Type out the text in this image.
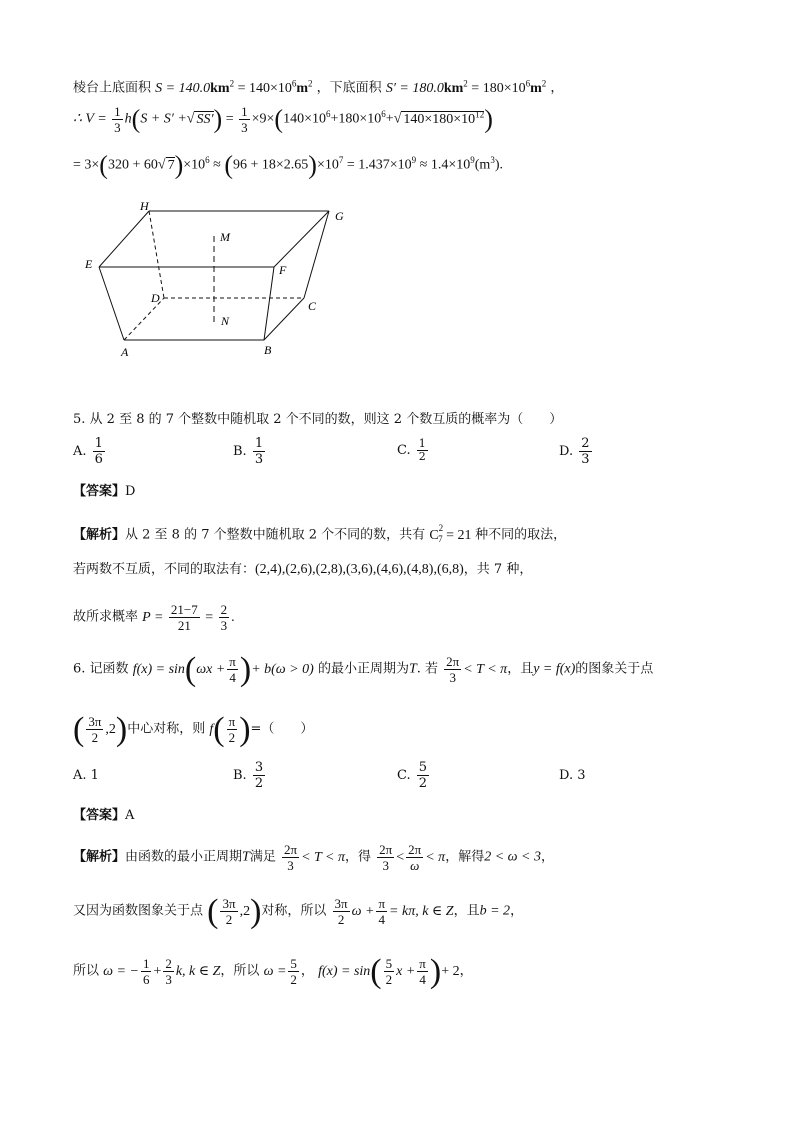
棱台上底面积 $S = 140.0km^2 = 140\times 10^6m^2$ ，下底面积 $S' = 180.0km^2 = 180\times 10^6m^2$ ，
∴ $V = \frac{1}{3} h(S + S'$ +√ $SS') = \frac{1}{3} \times 9\times(140\times 10^6+180\times 10^6+√$ $140\times 180\times 10^{12}$)
= 3×(320 + 60√ $7)\times 10^6 \approx (96 + 18\times 2.65)\times 10^7 = 1.437\times 10^9 \approx 1.4\times 10^9(m^3)$.
H
G
M
E	F
D
C
N
A	B
5. 从 2 至 8 的 7 个整数中随机取 2 个不同的数，则这 2 个数互质的概率为（　　）
A. $\frac{1}{6}$	B. $\frac{1}{3}$	C. $\frac{1}{2}$	D. $\frac{2}{3}$
【答案】D
【解析】从 2 至 8 的 7 个整数中随机取 2 个不同的数，共有 $C^2_7 = 21$ 种不同的取法，
若两数不互质，不同的取法有：(2,4),(2,6),(2,8),(3,6),(4,6),(4,8),(6,8)，共 7 种，
故所求概率 $P = \frac{21-7}{21} = \frac{2}{3}$ .
6. 记函数 $f(x) = \sin(\omega x + \frac{\pi}{4}$ )+ b(ω > 0) 的最小正周期为T. 若 $\frac{2\pi}{3} < T < \pi$，且y = f(x)的图象关于点
( $\frac{3\pi}{2} ,2$)中心对称，则 $f( \frac{\pi}{2}$ )=（　　）
A. 1	B. $\frac{3}{2}$	C. $\frac{5}{2}$	D. 3
【答案】A
【解析】由函数的最小正周期T满足 $\frac{2\pi}{3} < T < \pi$，得 $\frac{2\pi}{3} < \frac{2\pi}{\omega} < \pi$，解得2 < ω < 3，
又因为函数图象关于点 ( $\frac{3\pi}{2} ,2$)对称，所以 $\frac{3\pi}{2}$ $\omega + \frac{\pi}{4} = k\pi$, k ∈ Z，且b = 2，
所以 ω = − $\frac{1}{6} + \frac{2}{3} k$, k ∈ Z，所以 $\omega = \frac{5}{2}$ ， $f(x) = \sin( \frac{5}{2}$ $x + \frac{\pi}{4}$ )+ 2，
